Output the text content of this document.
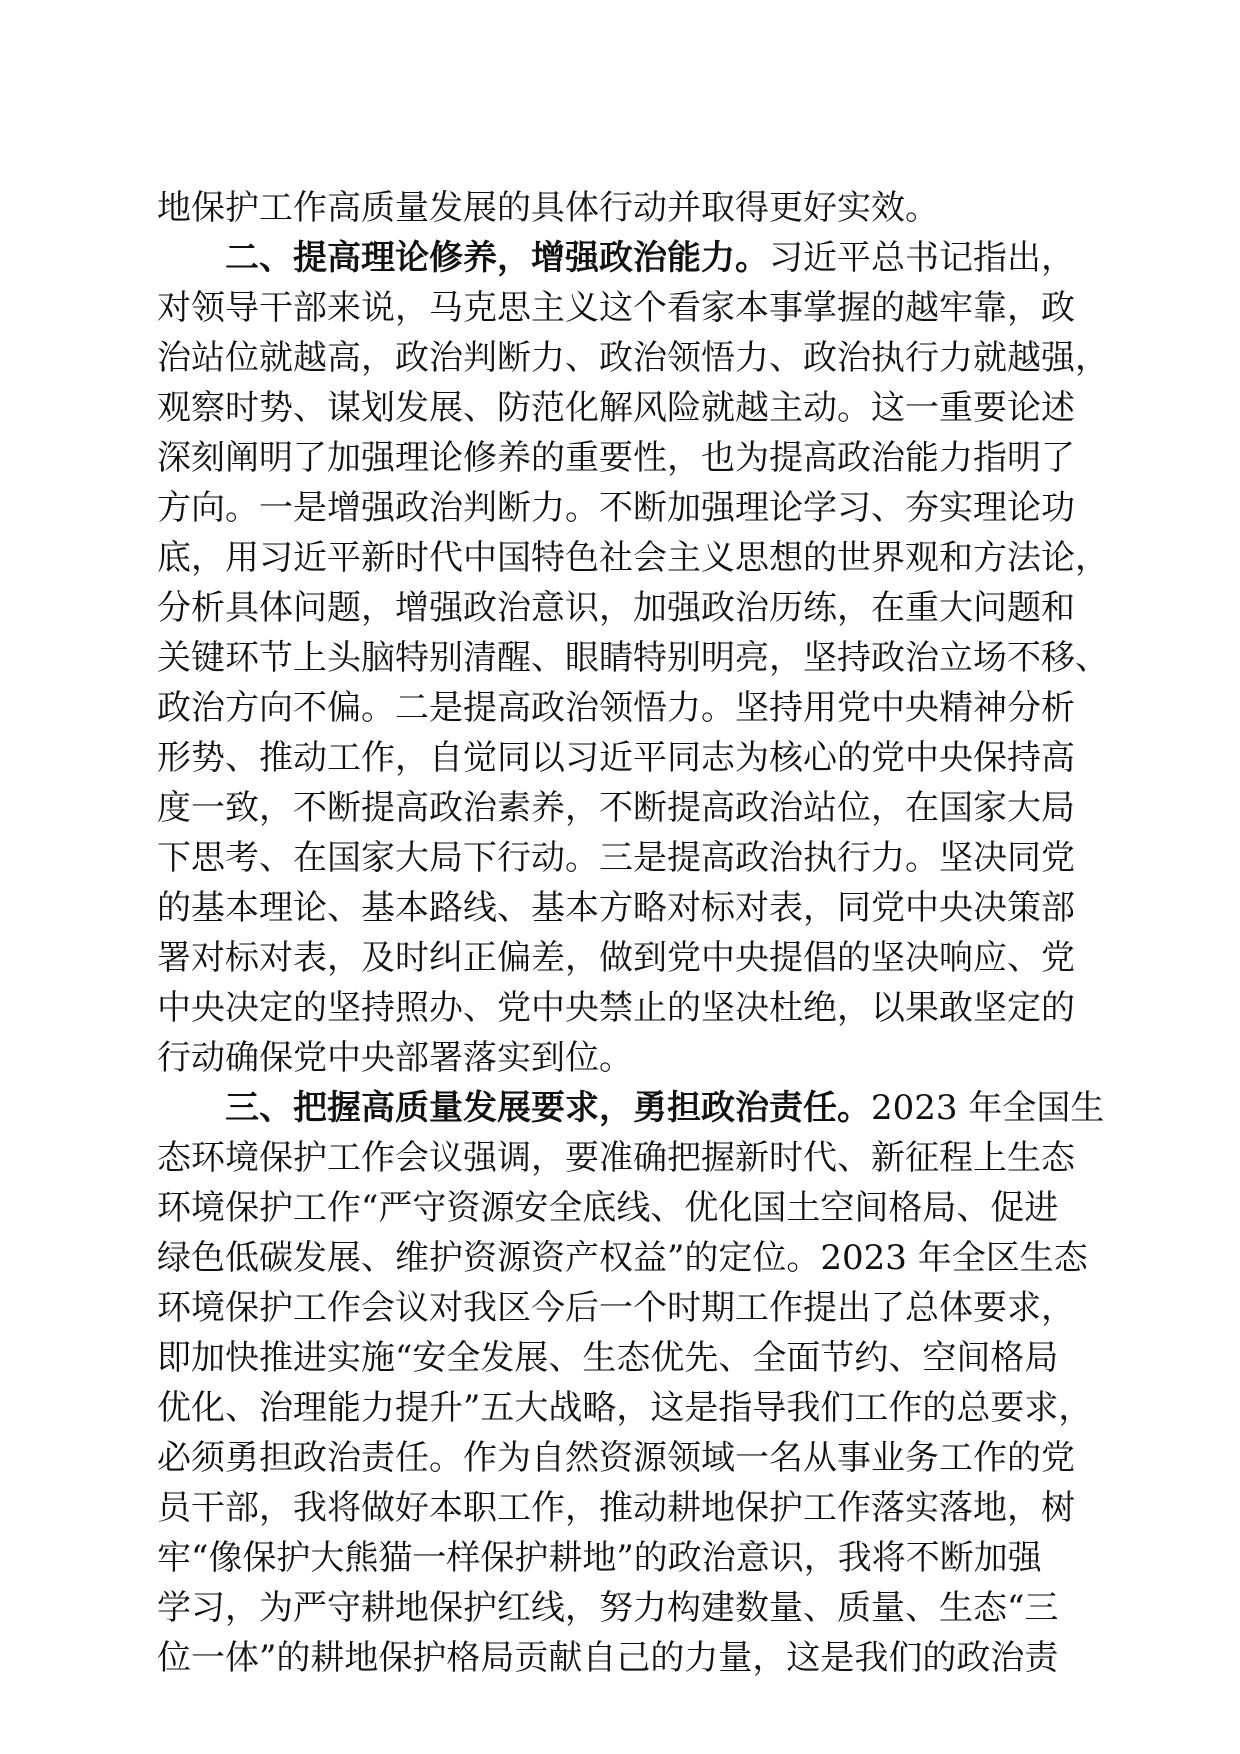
地保护工作高质量发展的具体行动并取得更好实效。
二、提高理论修养，增强政治能力。习近平总书记指出，
对领导干部来说，马克思主义这个看家本事掌握的越牢靠，政
治站位就越高，政治判断力、政治领悟力、政治执行力就越强，
观察时势、谋划发展、防范化解风险就越主动。这一重要论述
深刻阐明了加强理论修养的重要性，也为提高政治能力指明了
方向。一是增强政治判断力。不断加强理论学习、夯实理论功
底，用习近平新时代中国特色社会主义思想的世界观和方法论，
分析具体问题，增强政治意识，加强政治历练，在重大问题和
关键环节上头脑特别清醒、眼睛特别明亮，坚持政治立场不移、
政治方向不偏。二是提高政治领悟力。坚持用党中央精神分析
形势、推动工作，自觉同以习近平同志为核心的党中央保持高
度一致，不断提高政治素养，不断提高政治站位，在国家大局
下思考、在国家大局下行动。三是提高政治执行力。坚决同党
的基本理论、基本路线、基本方略对标对表，同党中央决策部
署对标对表，及时纠正偏差，做到党中央提倡的坚决响应、党
中央决定的坚持照办、党中央禁止的坚决杜绝，以果敢坚定的
行动确保党中央部署落实到位。
三、把握高质量发展要求，勇担政治责任。2023 年全国生
态环境保护工作会议强调，要准确把握新时代、新征程上生态
环境保护工作“严守资源安全底线、优化国土空间格局、促进
绿色低碳发展、维护资源资产权益”的定位。2023 年全区生态
环境保护工作会议对我区今后一个时期工作提出了总体要求，
即加快推进实施“安全发展、生态优先、全面节约、空间格局
优化、治理能力提升”五大战略，这是指导我们工作的总要求，
必须勇担政治责任。作为自然资源领域一名从事业务工作的党
员干部，我将做好本职工作，推动耕地保护工作落实落地，树
牢“像保护大熊猫一样保护耕地”的政治意识，我将不断加强
学习，为严守耕地保护红线，努力构建数量、质量、生态“三
位一体”的耕地保护格局贡献自己的力量，这是我们的政治责
